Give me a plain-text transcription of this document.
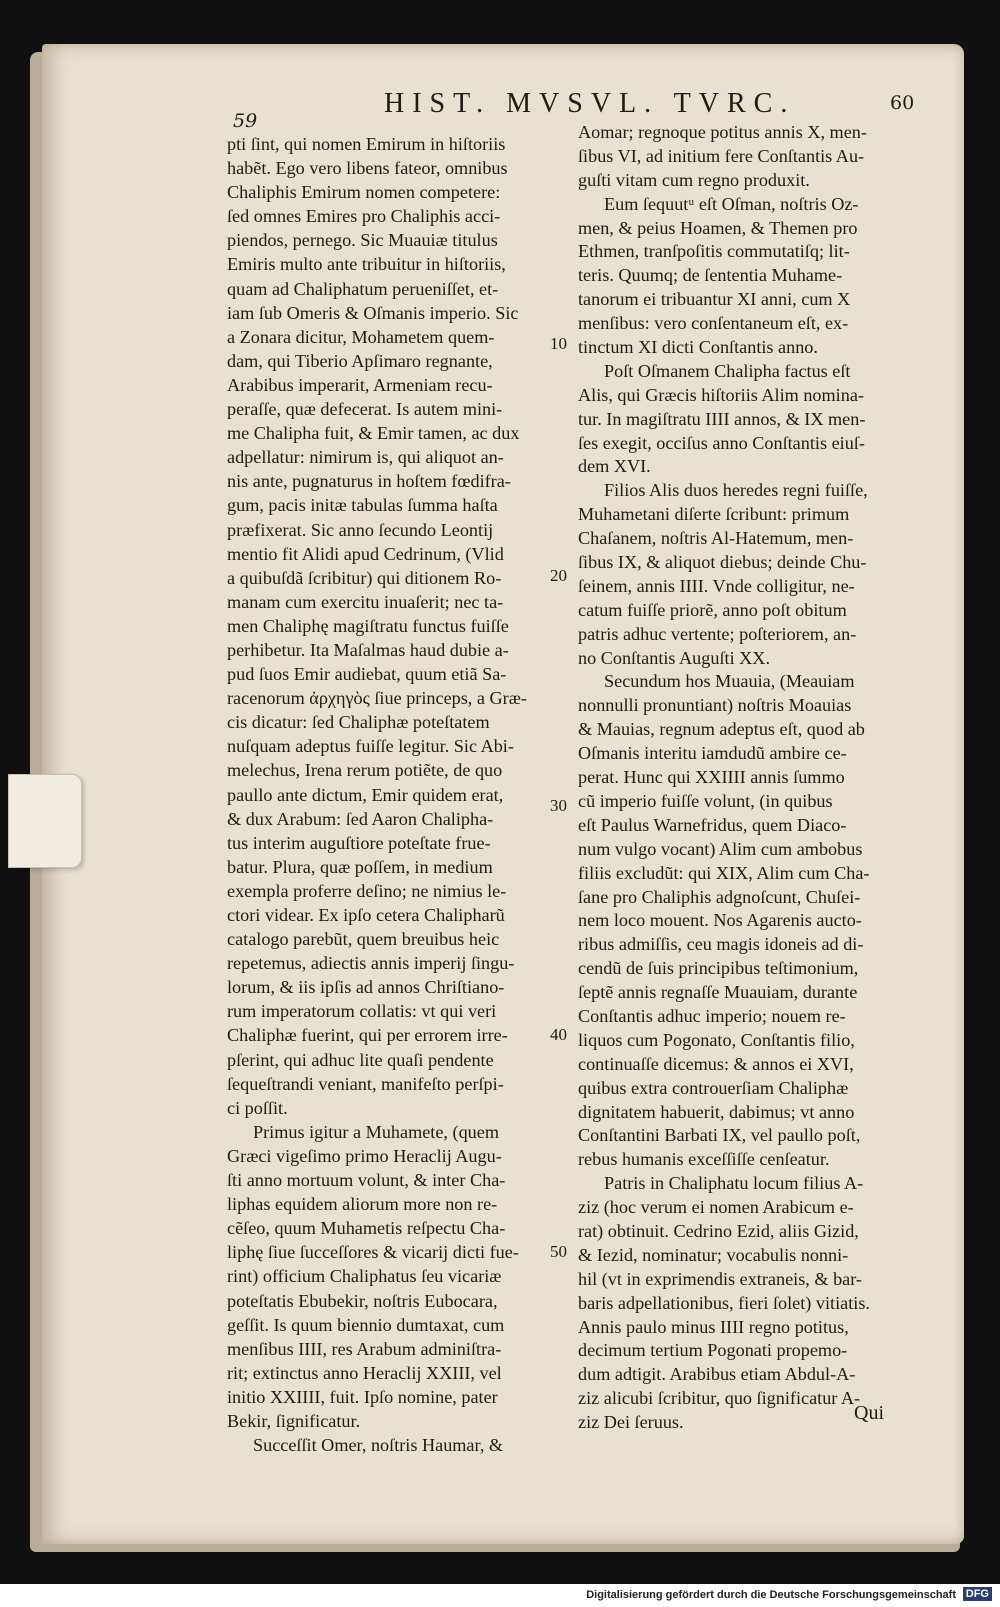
59
HIST. MVSVL. TVRC.	60
pti ſint, qui nomen Emirum in hiſtoriis
habẽt. Ego vero libens fateor, omnibus
Chaliphis Emirum nomen competere:
ſed omnes Emires pro Chaliphis acci-
piendos, pernego. Sic Muauiæ titulus
Emiris multo ante tribuitur in hiſtoriis,
quam ad Chaliphatum perueniſſet, et-
iam ſub Omeris & Oſmanis imperio. Sic
a Zonara dicitur, Mohametem quem-
dam, qui Tiberio Apſimaro regnante,
Arabibus imperarit, Armeniam recu-
peraſſe, quæ defecerat. Is autem mini-
me Chalipha fuit, & Emir tamen, ac dux
adpellatur: nimirum is, qui aliquot an-
nis ante, pugnaturus in hoſtem fœdifra-
gum, pacis initæ tabulas ſumma haſta
præfixerat. Sic anno ſecundo Leontij
mentio fit Alidi apud Cedrinum, (Vlid
a quibuſdã ſcribitur) qui ditionem Ro-
manam cum exercitu inuaſerit; nec ta-
men Chaliphę magiſtratu functus fuiſſe
perhibetur. Ita Maſalmas haud dubie a-
pud ſuos Emir audiebat, quum etiã Sa-
racenorum ἀρχηγὸς ſiue princeps, a Græ-
cis dicatur: ſed Chaliphæ poteſtatem
nuſquam adeptus fuiſſe legitur. Sic Abi-
melechus, Irena rerum potiẽte, de quo
paullo ante dictum, Emir quidem erat,
& dux Arabum: ſed Aaron Chalipha-
tus interim auguſtiore poteſtate frue-
batur. Plura, quæ poſſem, in medium
exempla proferre deſino; ne nimius le-
ctori videar. Ex ipſo cetera Chalipharũ
catalogo parebũt, quem breuibus heic
repetemus, adiectis annis imperij ſingu-
lorum, & iis ipſis ad annos Chriſtiano-
rum imperatorum collatis: vt qui veri
Chaliphæ fuerint, qui per errorem irre-
pſerint, qui adhuc lite quaſi pendente
ſequeſtrandi veniant, manifeſto perſpi-
ci poſſit.
Primus igitur a Muhamete, (quem
Græci vigeſimo primo Heraclij Augu-
ſti anno mortuum volunt, & inter Cha-
liphas equidem aliorum more non re-
cẽſeo, quum Muhametis reſpectu Cha-
liphę ſiue ſucceſſores & vicarij dicti fue-
rint) officium Chaliphatus ſeu vicariæ
poteſtatis Ebubekir, noſtris Eubocara,
geſſit. Is quum biennio dumtaxat, cum
menſibus IIII, res Arabum adminiſtra-
rit; extinctus anno Heraclij XXIII, vel
initio XXIIII, fuit. Ipſo nomine, pater
Bekir, ſignificatur.
Succeſſit Omer, noſtris Haumar, &
Aomar; regnoque potitus annis X, men-
ſibus VI, ad initium fere Conſtantis Au-
guſti vitam cum regno produxit.
Eum ſequutᵘ eſt Oſman, noſtris Oz-
men, & peius Hoamen, & Themen pro
Ethmen, tranſpoſitis commutatiſq; lit-
teris. Quumq; de ſententia Muhame-
tanorum ei tribuantur XI anni, cum X
menſibus: vero conſentaneum eſt, ex-
tinctum XI dicti Conſtantis anno.
Poſt Oſmanem Chalipha factus eſt
Alis, qui Græcis hiſtoriis Alim nomina-
tur. In magiſtratu IIII annos, & IX men-
ſes exegit, occiſus anno Conſtantis eiuſ-
dem XVI.
Filios Alis duos heredes regni fuiſſe,
Muhametani diſerte ſcribunt: primum
Chaſanem, noſtris Al-Hatemum, men-
ſibus IX, & aliquot diebus; deinde Chu-
ſeinem, annis IIII. Vnde colligitur, ne-
catum fuiſſe priorẽ, anno poſt obitum
patris adhuc vertente; poſteriorem, an-
no Conſtantis Auguſti XX.
Secundum hos Muauia, (Meauiam
nonnulli pronuntiant) noſtris Moauias
& Mauias, regnum adeptus eſt, quod ab
Oſmanis interitu iamdudũ ambire ce-
perat. Hunc qui XXIIII annis ſummo
cũ imperio fuiſſe volunt, (in quibus
eſt Paulus Warnefridus, quem Diaco-
num vulgo vocant) Alim cum ambobus
filiis excludũt: qui XIX, Alim cum Cha-
ſane pro Chaliphis adgnoſcunt, Chuſei-
nem loco mouent. Nos Agarenis aucto-
ribus admiſſis, ceu magis idoneis ad di-
cendũ de ſuis principibus teſtimonium,
ſeptẽ annis regnaſſe Muauiam, durante
Conſtantis adhuc imperio; nouem re-
liquos cum Pogonato, Conſtantis filio,
continuaſſe dicemus: & annos ei XVI,
quibus extra controuerſiam Chaliphæ
dignitatem habuerit, dabimus; vt anno
Conſtantini Barbati IX, vel paullo poſt,
rebus humanis exceſſiſſe cenſeatur.
Patris in Chaliphatu locum filius A-
ziz (hoc verum ei nomen Arabicum e-
rat) obtinuit. Cedrino Ezid, aliis Gizid,
& Iezid, nominatur; vocabulis nonni-
hil (vt in exprimendis extraneis, & bar-
baris adpellationibus, fieri ſolet) vitiatis.
Annis paulo minus IIII regno potitus,
decimum tertium Pogonati propemo-
dum adtigit. Arabibus etiam Abdul-A-
ziz alicubi ſcribitur, quo ſignificatur A-
ziz Dei ſeruus.
10
20
30
40
50
Qui
Digitalisierung gefördert durch die Deutsche Forschungsgemeinschaft DFG
